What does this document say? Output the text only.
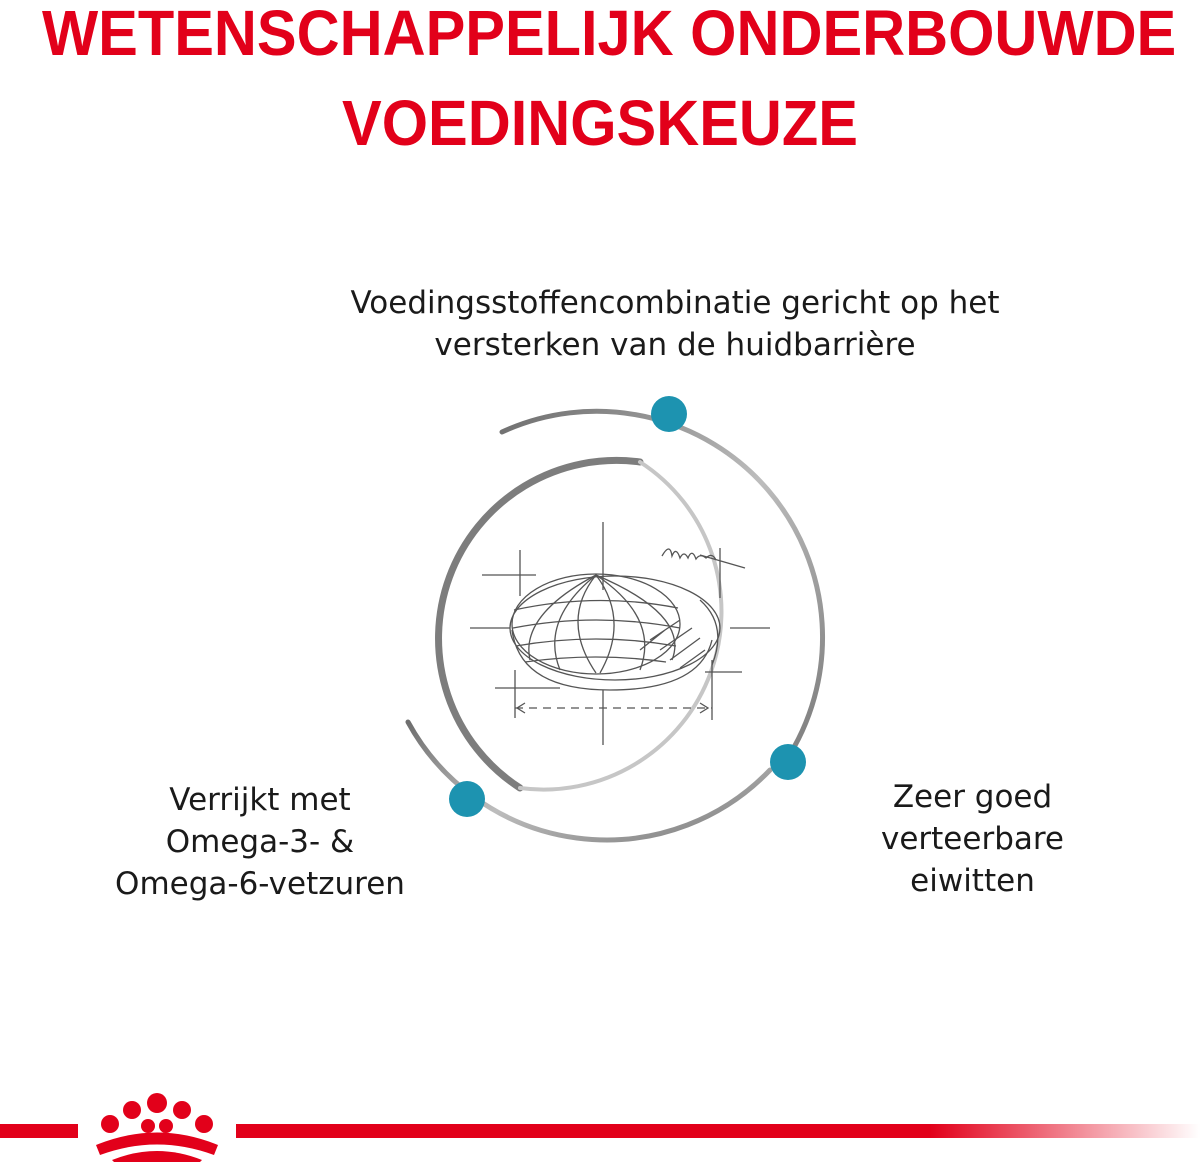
WETENSCHAPPELIJK ONDERBOUWDE
VOEDINGSKEUZE

Voedingsstoffencombinatie gericht op het
versterken van de huidbarrière

Verrijkt met
Omega-3- &
Omega-6-vetzuren

Zeer goed
verteerbare
eiwitten
